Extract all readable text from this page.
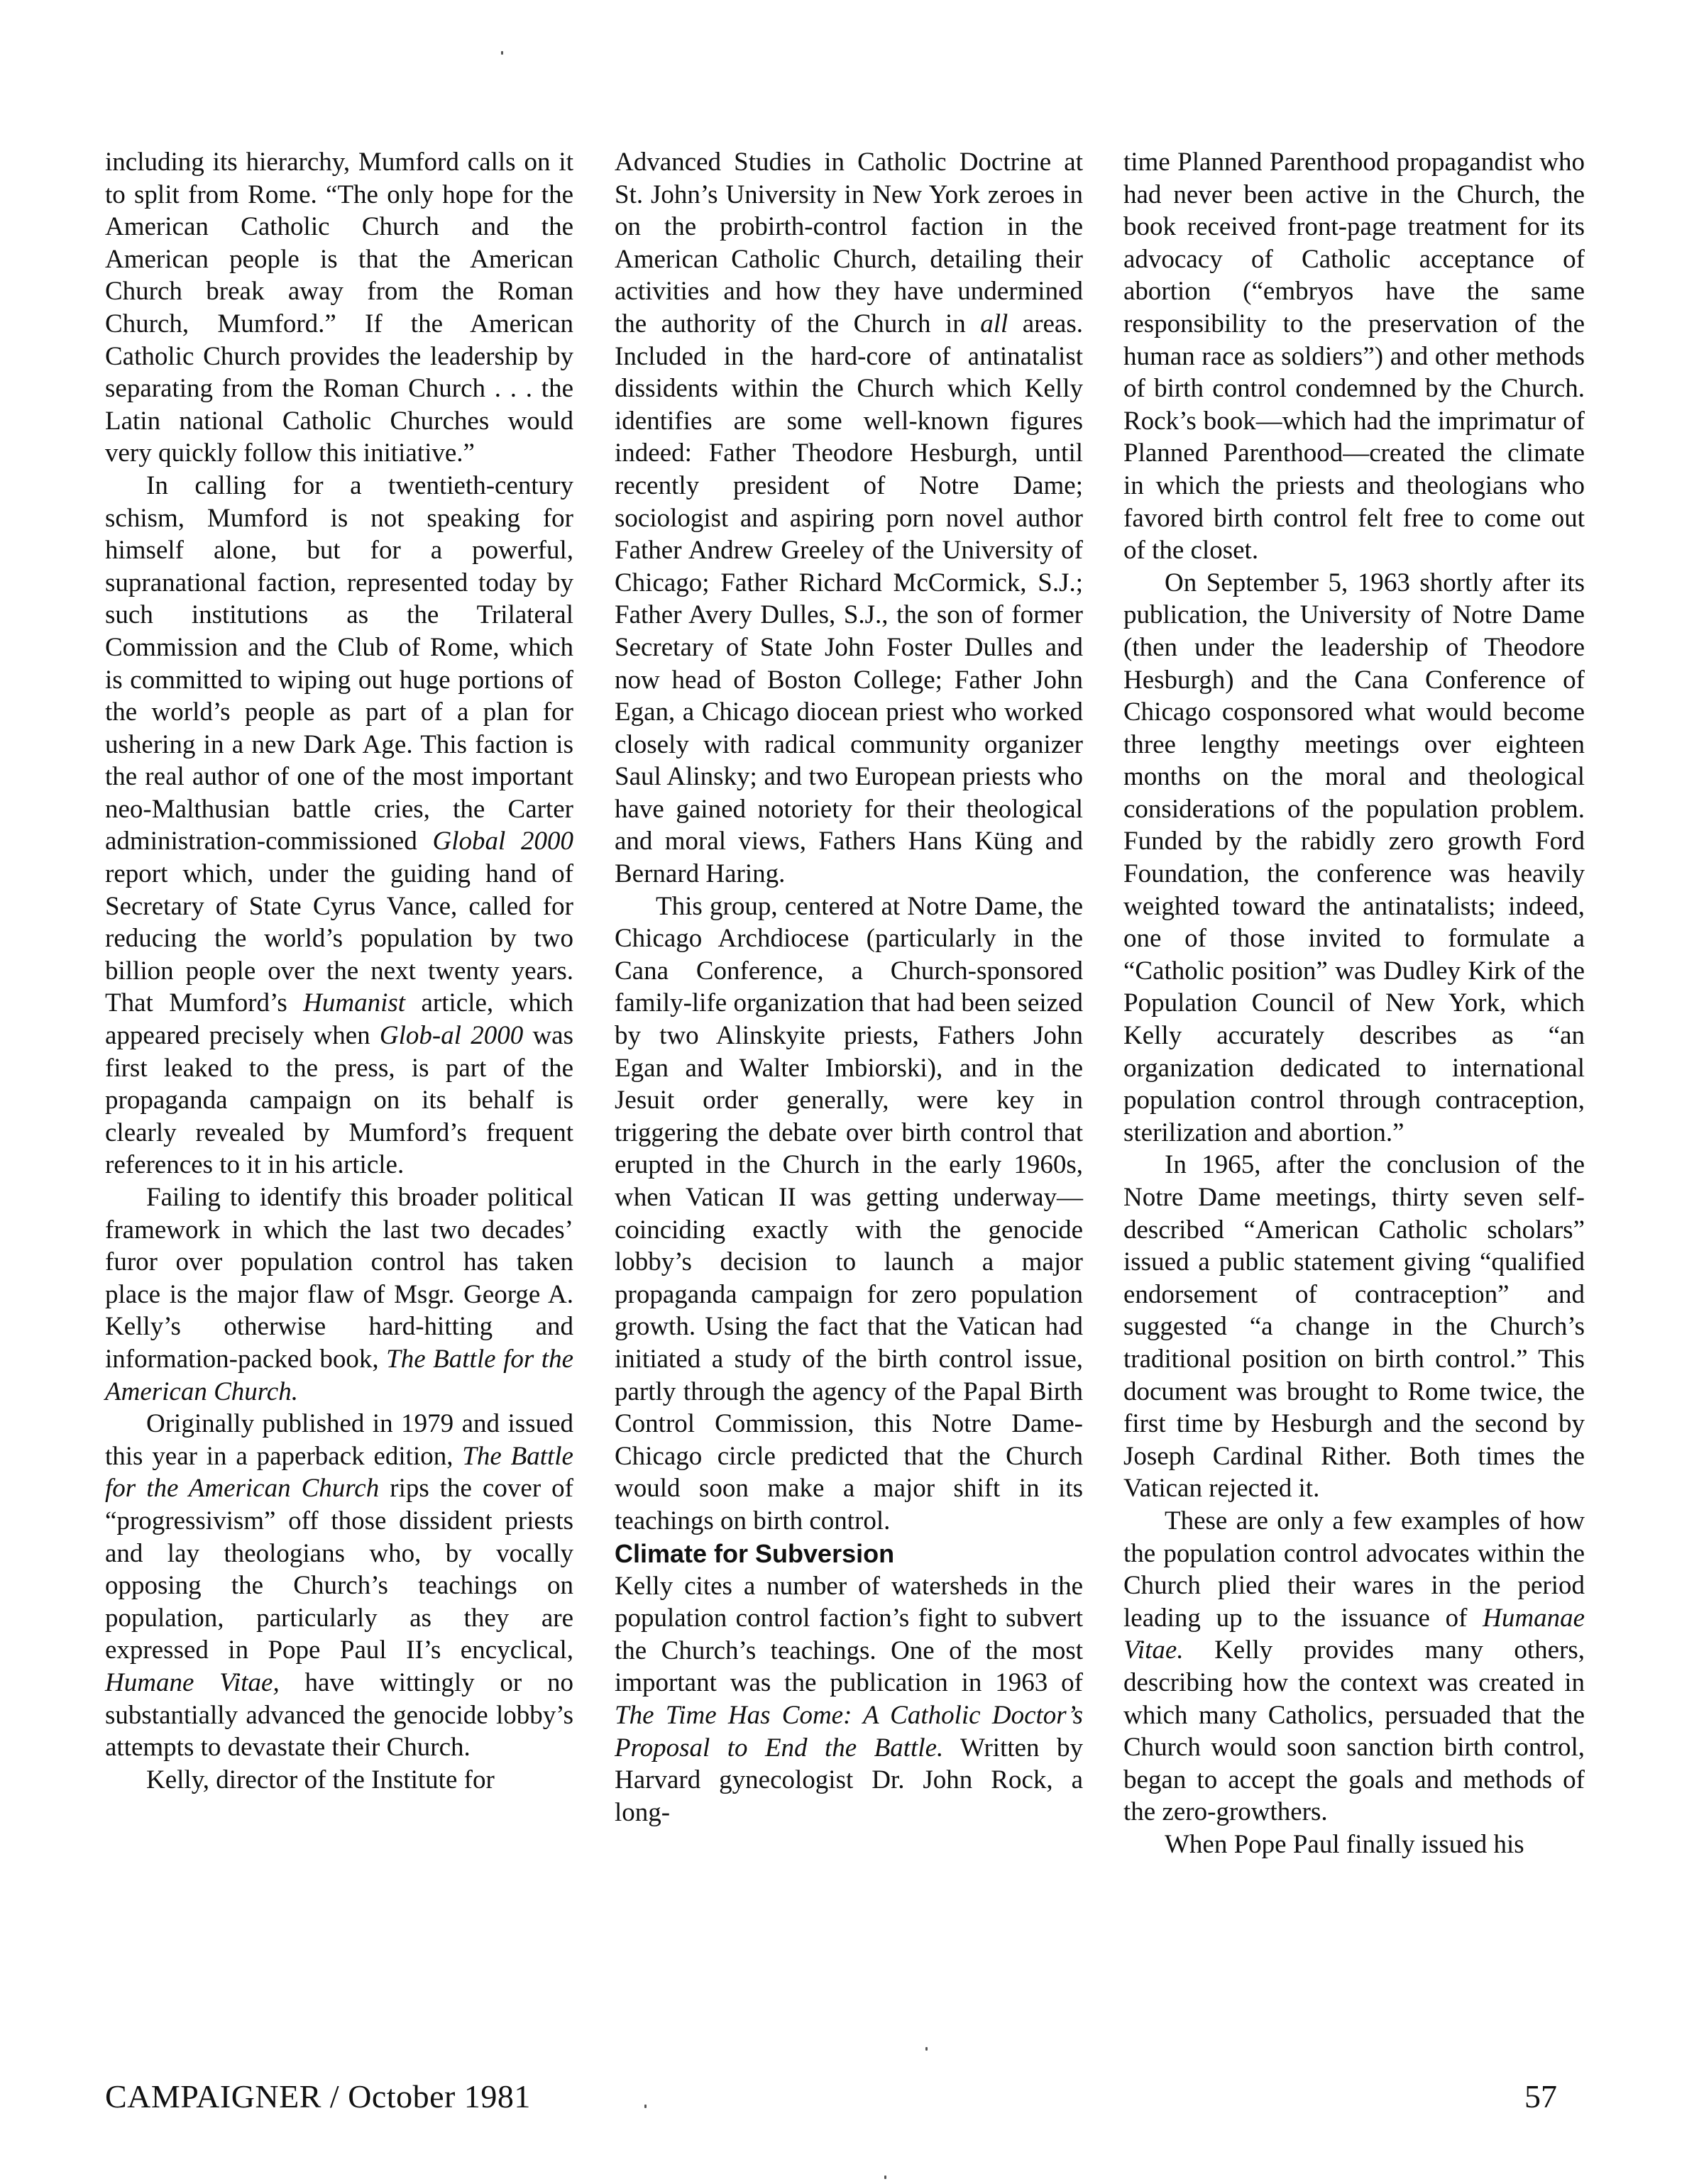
including its hierarchy, Mumford calls on it to split from Rome. “The only hope for the American Catholic Church and the American people is that the American Church break away from the Roman Church, Mumford.” If the American Catholic Church provides the leadership by separating from the Roman Church . . . the Latin national Catholic Churches would very quickly follow this initiative.”

In calling for a twentieth-century schism, Mumford is not speaking for himself alone, but for a powerful, supranational faction, represented today by such institutions as the Trilateral Commission and the Club of Rome, which is committed to wiping out huge portions of the world’s people as part of a plan for ushering in a new Dark Age. This faction is the real author of one of the most important neo-Malthusian battle cries, the Carter administration-commissioned Global 2000 report which, under the guiding hand of Secretary of State Cyrus Vance, called for reducing the world’s population by two billion people over the next twenty years. That Mumford’s Humanist article, which appeared precisely when Glob-al 2000 was first leaked to the press, is part of the propaganda campaign on its behalf is clearly revealed by Mumford’s frequent references to it in his article.

Failing to identify this broader political framework in which the last two decades’ furor over population control has taken place is the major flaw of Msgr. George A. Kelly’s otherwise hard-hitting and information-packed book, The Battle for the American Church.

Originally published in 1979 and issued this year in a paperback edition, The Battle for the American Church rips the cover of “progressivism” off those dissident priests and lay theologians who, by vocally opposing the Church’s teachings on population, particularly as they are expressed in Pope Paul II’s encyclical, Humane Vitae, have wittingly or no substantially advanced the genocide lobby’s attempts to devastate their Church.

Kelly, director of the Institute for

Advanced Studies in Catholic Doctrine at St. John’s University in New York zeroes in on the probirth-control faction in the American Catholic Church, detailing their activities and how they have undermined the authority of the Church in all areas. Included in the hard-core of antinatalist dissidents within the Church which Kelly identifies are some well-known figures indeed: Father Theodore Hesburgh, until recently president of Notre Dame; sociologist and aspiring porn novel author Father Andrew Greeley of the University of Chicago; Father Richard McCormick, S.J.; Father Avery Dulles, S.J., the son of former Secretary of State John Foster Dulles and now head of Boston College; Father John Egan, a Chicago diocean priest who worked closely with radical community organizer Saul Alinsky; and two European priests who have gained notoriety for their theological and moral views, Fathers Hans Küng and Bernard Haring.

This group, centered at Notre Dame, the Chicago Archdiocese (particularly in the Cana Conference, a Church-sponsored family-life organization that had been seized by two Alinskyite priests, Fathers John Egan and Walter Imbiorski), and in the Jesuit order generally, were key in triggering the debate over birth control that erupted in the Church in the early 1960s, when Vatican II was getting underway—coinciding exactly with the genocide lobby’s decision to launch a major propaganda campaign for zero population growth. Using the fact that the Vatican had initiated a study of the birth control issue, partly through the agency of the Papal Birth Control Commission, this Notre Dame-Chicago circle predicted that the Church would soon make a major shift in its teachings on birth control.

Climate for Subversion

Kelly cites a number of watersheds in the population control faction’s fight to subvert the Church’s teachings. One of the most important was the publication in 1963 of The Time Has Come: A Catholic Doctor’s Proposal to End the Battle. Written by Harvard gynecologist Dr. John Rock, a long-

time Planned Parenthood propagandist who had never been active in the Church, the book received front-page treatment for its advocacy of Catholic acceptance of abortion (“embryos have the same responsibility to the preservation of the human race as soldiers”) and other methods of birth control condemned by the Church. Rock’s book—which had the imprimatur of Planned Parenthood—created the climate in which the priests and theologians who favored birth control felt free to come out of the closet.

On September 5, 1963 shortly after its publication, the University of Notre Dame (then under the leadership of Theodore Hesburgh) and the Cana Conference of Chicago cosponsored what would become three lengthy meetings over eighteen months on the moral and theological considerations of the population problem. Funded by the rabidly zero growth Ford Foundation, the conference was heavily weighted toward the antinatalists; indeed, one of those invited to formulate a “Catholic position” was Dudley Kirk of the Population Council of New York, which Kelly accurately describes as “an organization dedicated to international population control through contraception, sterilization and abortion.”

In 1965, after the conclusion of the Notre Dame meetings, thirty seven self-described “American Catholic scholars” issued a public statement giving “qualified endorsement of contraception” and suggested “a change in the Church’s traditional position on birth control.” This document was brought to Rome twice, the first time by Hesburgh and the second by Joseph Cardinal Rither. Both times the Vatican rejected it.

These are only a few examples of how the population control advocates within the Church plied their wares in the period leading up to the issuance of Humanae Vitae. Kelly provides many others, describing how the context was created in which many Catholics, persuaded that the Church would soon sanction birth control, began to accept the goals and methods of the zero-growthers.

When Pope Paul finally issued his

CAMPAIGNER / October 1981	57
